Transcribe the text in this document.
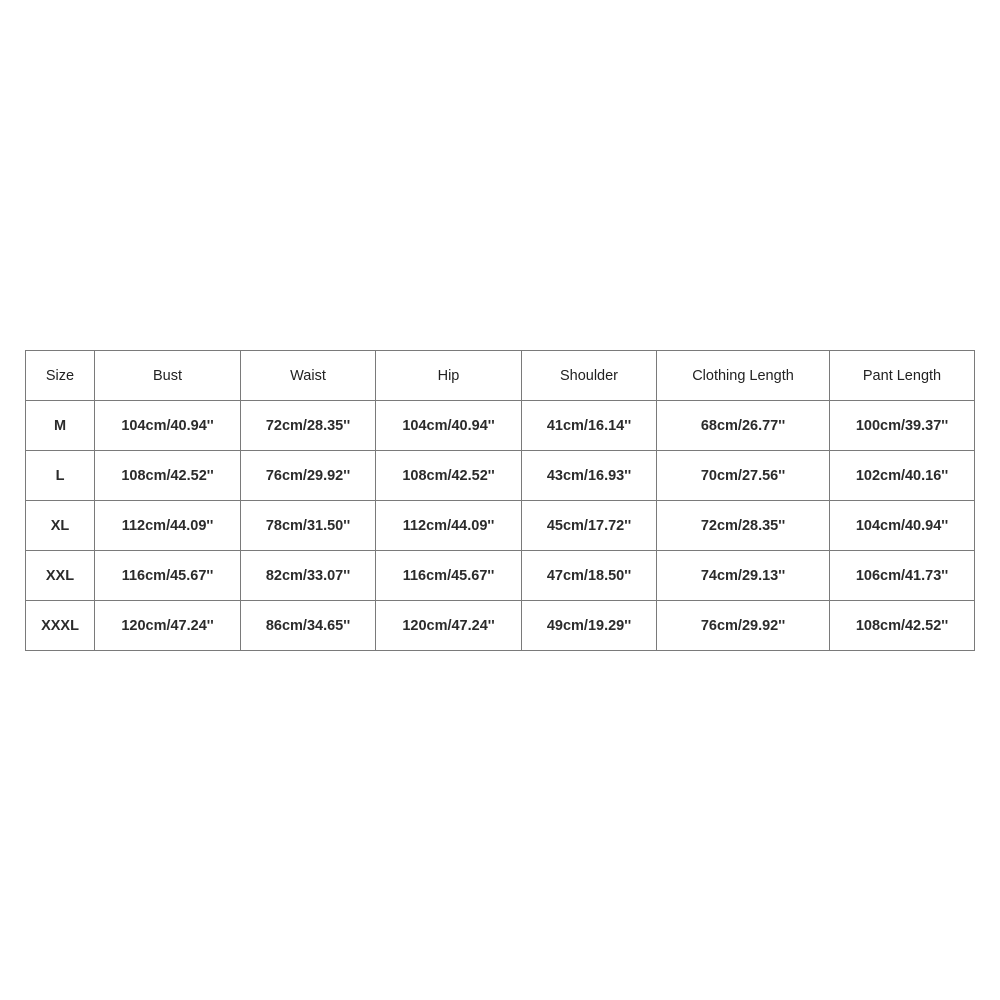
Size	Bust	Waist	Hip	Shoulder	Clothing Length	Pant Length
M	104cm/40.94''	72cm/28.35''	104cm/40.94''	41cm/16.14''	68cm/26.77''	100cm/39.37''
L	108cm/42.52''	76cm/29.92''	108cm/42.52''	43cm/16.93''	70cm/27.56''	102cm/40.16''
XL	112cm/44.09''	78cm/31.50''	112cm/44.09''	45cm/17.72''	72cm/28.35''	104cm/40.94''
XXL	116cm/45.67''	82cm/33.07''	116cm/45.67''	47cm/18.50''	74cm/29.13''	106cm/41.73''
XXXL	120cm/47.24''	86cm/34.65''	120cm/47.24''	49cm/19.29''	76cm/29.92''	108cm/42.52''
